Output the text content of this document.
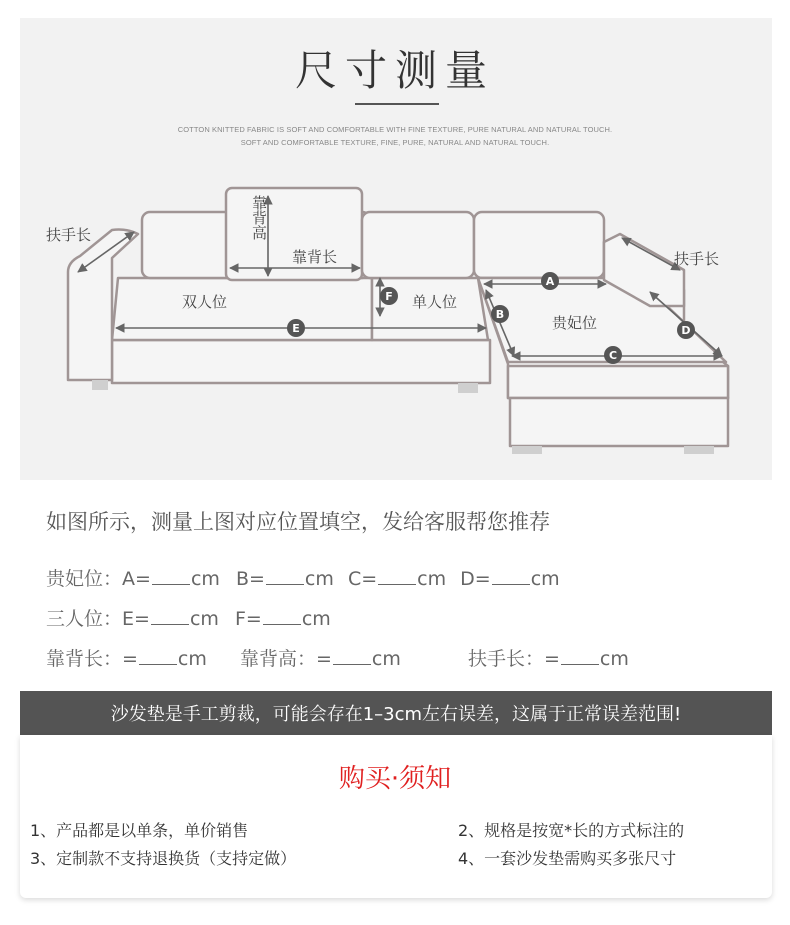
尺寸测量
COTTON KNITTED FABRIC IS SOFT AND COMFORTABLE WITH FINE TEXTURE, PURE NATURAL AND NATURAL TOUCH.
SOFT AND COMFORTABLE TEXTURE, FINE, PURE, NATURAL AND NATURAL TOUCH.
A
B
C
D
E
F
扶手长
扶手长
靠背高
靠背长
双人位	单人位
贵妃位
如图所示，测量上图对应位置填空，发给客服帮您推荐
贵妃位：A= cm B= cm C= cm D= cm
三人位：E= cm F= cm
靠背长：= cm 靠背高：= cm	扶手长：= cm
沙发垫是手工剪裁，可能会存在1–3cm左右误差，这属于正常误差范围!
购买·须知
1、产品都是以单条，单价销售	2、规格是按宽*长的方式标注的
3、定制款不支持退换货（支持定做）	4、一套沙发垫需购买多张尺寸
